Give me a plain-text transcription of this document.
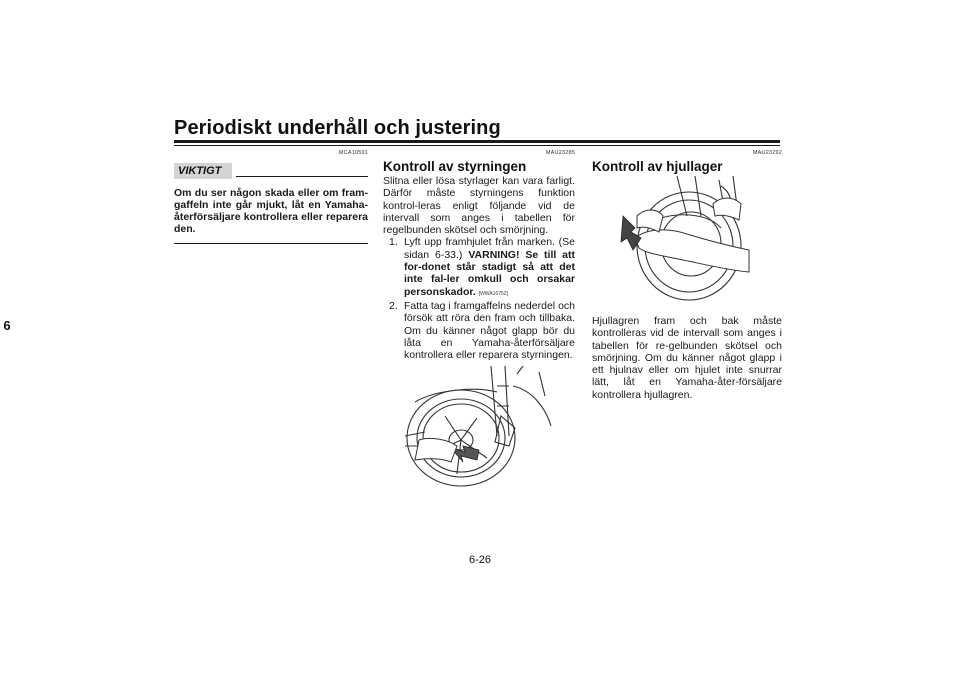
Periodiskt underhåll och justering
6
MCA10591
VIKTIGT
Om du ser någon skada eller om fram-gaffeln inte går mjukt, låt en Yamaha-återförsäljare kontrollera eller reparera den.
MAU23285
Kontroll av styrningen

Slitna eller lösa styrlager kan vara farligt. Därför måste styrningens funktion kontrol-leras enligt följande vid de intervall som anges i tabellen för regelbunden skötsel och smörjning.

1. Lyft upp framhjulet från marken. (Se sidan 6-33.) VARNING! Se till att for-donet står stadigt så att det inte fal-ler omkull och orsakar personskador. [WWA10752]
2. Fatta tag i framgaffelns nederdel och försök att röra den fram och tillbaka. Om du känner något glapp bör du låta en Yamaha-återförsäljare kontrollera eller reparera styrningen.
MAU23292
Kontroll av hjullager

Hjullagren fram och bak måste kontrolleras vid de intervall som anges i tabellen för re-gelbunden skötsel och smörjning. Om du känner något glapp i ett hjulnav eller om hjulet inte snurrar lätt, låt en Yamaha-åter-försäljare kontrollera hjullagren.

6-26
